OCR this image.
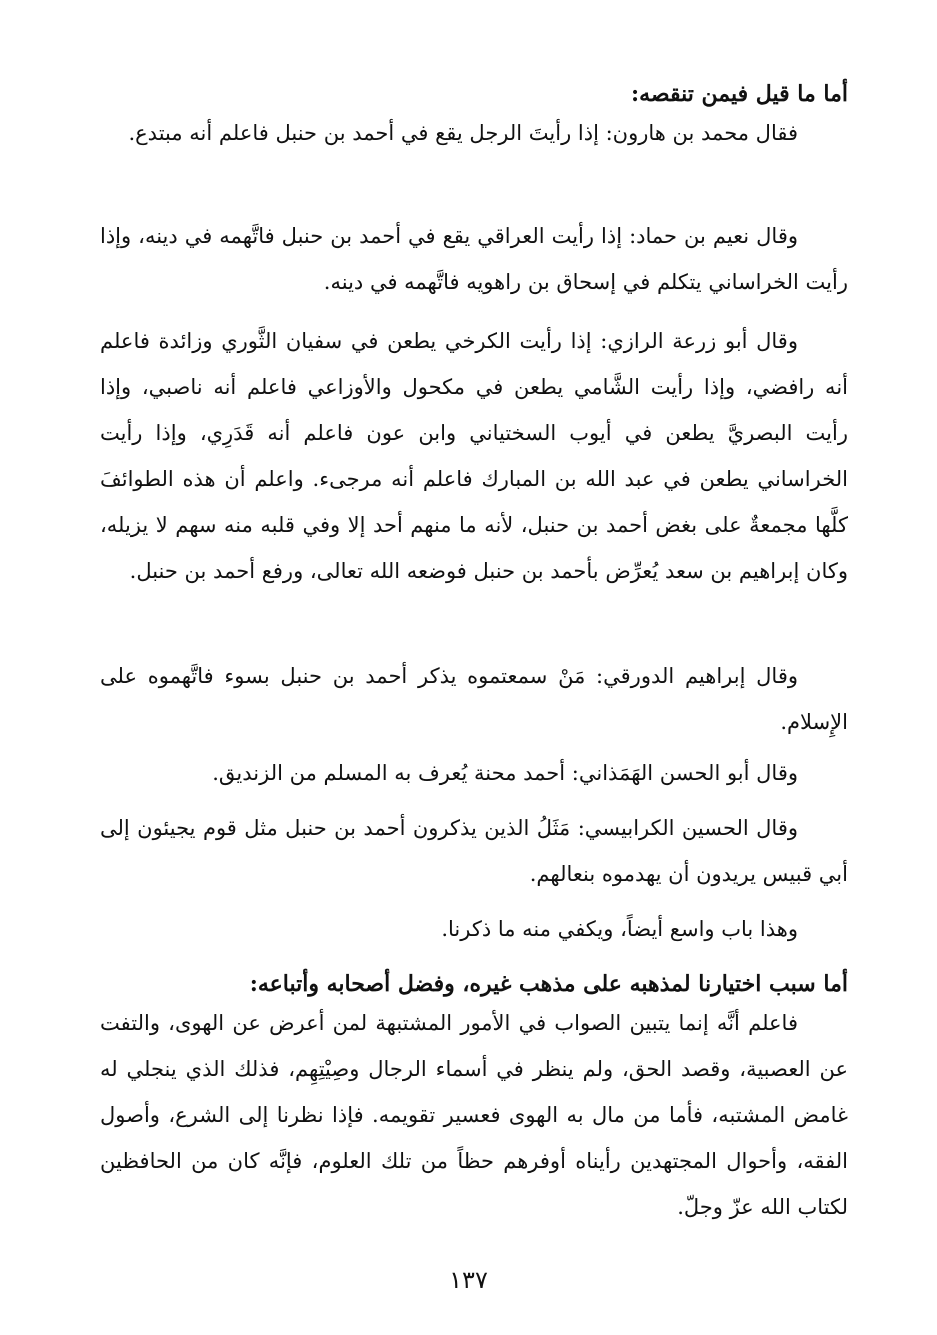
أما ما قيل فيمن تنقصه:

فقال محمد بن هارون: إذا رأيتَ الرجل يقع في أحمد بن حنبل فاعلم أنه مبتدع.

وقال نعيم بن حماد: إذا رأيت العراقي يقع في أحمد بن حنبل فاتَّهمه في دينه، وإذا رأيت الخراساني يتكلم في إسحاق بن راهويه فاتَّهمه في دينه.

وقال أبو زرعة الرازي: إذا رأيت الكرخي يطعن في سفيان الثَّوري وزائدة فاعلم أنه رافضي، وإذا رأيت الشَّامي يطعن في مكحول والأوزاعي فاعلم أنه ناصبي، وإذا رأيت البصريَّ يطعن في أيوب السختياني وابن عون فاعلم أنه قَدَرِي، وإذا رأيت الخراساني يطعن في عبد الله بن المبارك فاعلم أنه مرجىء. واعلم أن هذه الطوائفَ كلَّها مجمعةٌ على بغض أحمد بن حنبل، لأنه ما منهم أحد إلا وفي قلبه منه سهم لا يزيله، وكان إبراهيم بن سعد يُعرِّض بأحمد بن حنبل فوضعه الله تعالى، ورفع أحمد بن حنبل.

وقال إبراهيم الدورقي: مَنْ سمعتموه يذكر أحمد بن حنبل بسوء فاتَّهموه على الإِسلام.

وقال أبو الحسن الهَمَذاني: أحمد محنة يُعرف به المسلم من الزنديق.

وقال الحسين الكرابيسي: مَثَلُ الذين يذكرون أحمد بن حنبل مثل قوم يجيئون إلى أبي قبيس يريدون أن يهدموه بنعالهم.

وهذا باب واسع أيضاً، ويكفي منه ما ذكرنا.

أما سبب اختيارنا لمذهبه على مذهب غيره، وفضل أصحابه وأتباعه:

فاعلم أنَّه إنما يتبين الصواب في الأمور المشتبهة لمن أعرض عن الهوى، والتفت عن العصبية، وقصد الحق، ولم ينظر في أسماء الرجال وصِيْتِهِم، فذلك الذي ينجلي له غامض المشتبه، فأما من مال به الهوى فعسير تقويمه. فإذا نظرنا إلى الشرع، وأصول الفقه، وأحوال المجتهدين رأيناه أوفرهم حظاً من تلك العلوم، فإنَّه كان من الحافظين لكتاب الله عزّ وجلّ.

١٣٧
